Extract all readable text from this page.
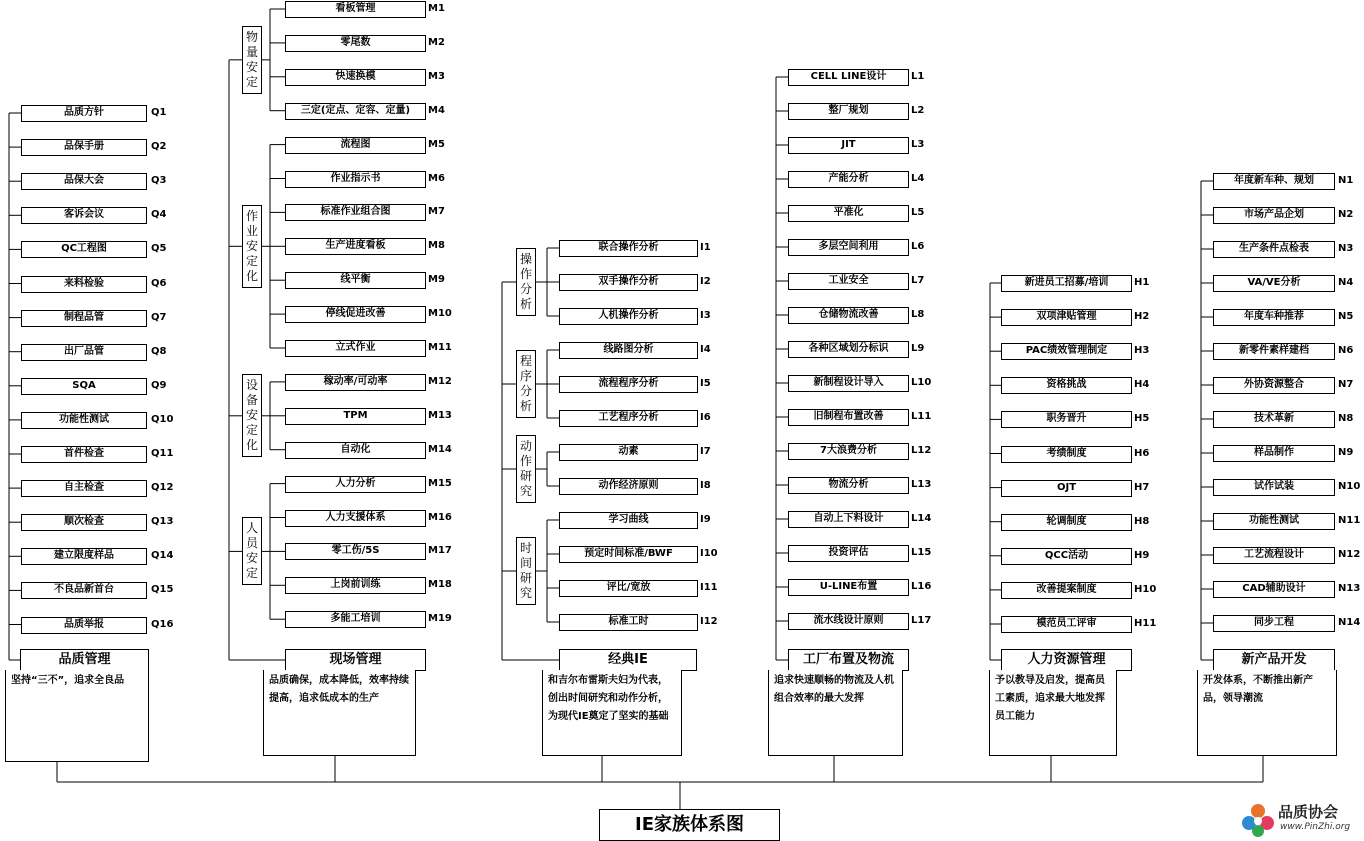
品质方针	Q1
品保手册	Q2
品保大会	Q3
客诉会议	Q4
QC工程图	Q5
来料检验	Q6
制程品管	Q7
出厂品管	Q8
SQA	Q9
功能性测试	Q10
首件检查	Q11
自主检查	Q12
顺次检查	Q13
建立限度样品	Q14
不良品新首台	Q15
品质举报	Q16
品质管理
坚持“三不”，追求全良品
看板管理	M1
零尾数	M2
快速换模	M3
三定(定点、定容、定量)	M4
物量安定
流程图	M5
作业指示书	M6
标准作业组合图	M7
生产进度看板	M8
线平衡	M9
停线促进改善	M10
立式作业	M11
作业安定化
稼动率/可动率	M12
TPM	M13
自动化	M14
设备安定化
人力分析	M15
人力支援体系	M16
零工伤/5S	M17
上岗前训练	M18
多能工培训	M19
人员安定
现场管理
品质确保，成本降低，效率持续提高，追求低成本的生产
联合操作分析	I1
双手操作分析	I2
人机操作分析	I3
操作分析
线路图分析	I4
流程程序分析	I5
工艺程序分析	I6
程序分析
动素	I7
动作经济原则	I8
动作研究
学习曲线	I9
预定时间标准/BWF	I10
评比/宽放	I11
标准工时	I12
时间研究
经典IE
和吉尔布雷斯夫妇为代表，创出时间研究和动作分析，为现代IE奠定了坚实的基础
CELL LINE设计	L1
整厂规划	L2
JIT	L3
产能分析	L4
平准化	L5
多层空间利用	L6
工业安全	L7
仓储物流改善	L8
各种区域划分标识	L9
新制程设计导入	L10
旧制程布置改善	L11
7大浪费分析	L12
物流分析	L13
自动上下料设计	L14
投资评估	L15
U-LINE布置	L16
流水线设计原则	L17
工厂布置及物流
追求快速顺畅的物流及人机组合效率的最大发挥
新进员工招募/培训	H1
双项津贴管理	H2
PAC绩效管理制定	H3
资格挑战	H4
职务晋升	H5
考绩制度	H6
OJT	H7
轮调制度	H8
QCC活动	H9
改善提案制度	H10
模范员工评审	H11
人力资源管理
予以教导及启发，提高员工素质，追求最大地发挥员工能力
年度新车种、规划	N1
市场产品企划	N2
生产条件点检表	N3
VA/VE分析	N4
年度车种推荐	N5
新零件素样建档	N6
外协资源整合	N7
技术革新	N8
样品制作	N9
试作试装	N10
功能性测试	N11
工艺流程设计	N12
CAD辅助设计	N13
同步工程	N14
新产品开发
开发体系，不断推出新产品，领导潮流
IE家族体系图
品质协会
www.PinZhi.org
